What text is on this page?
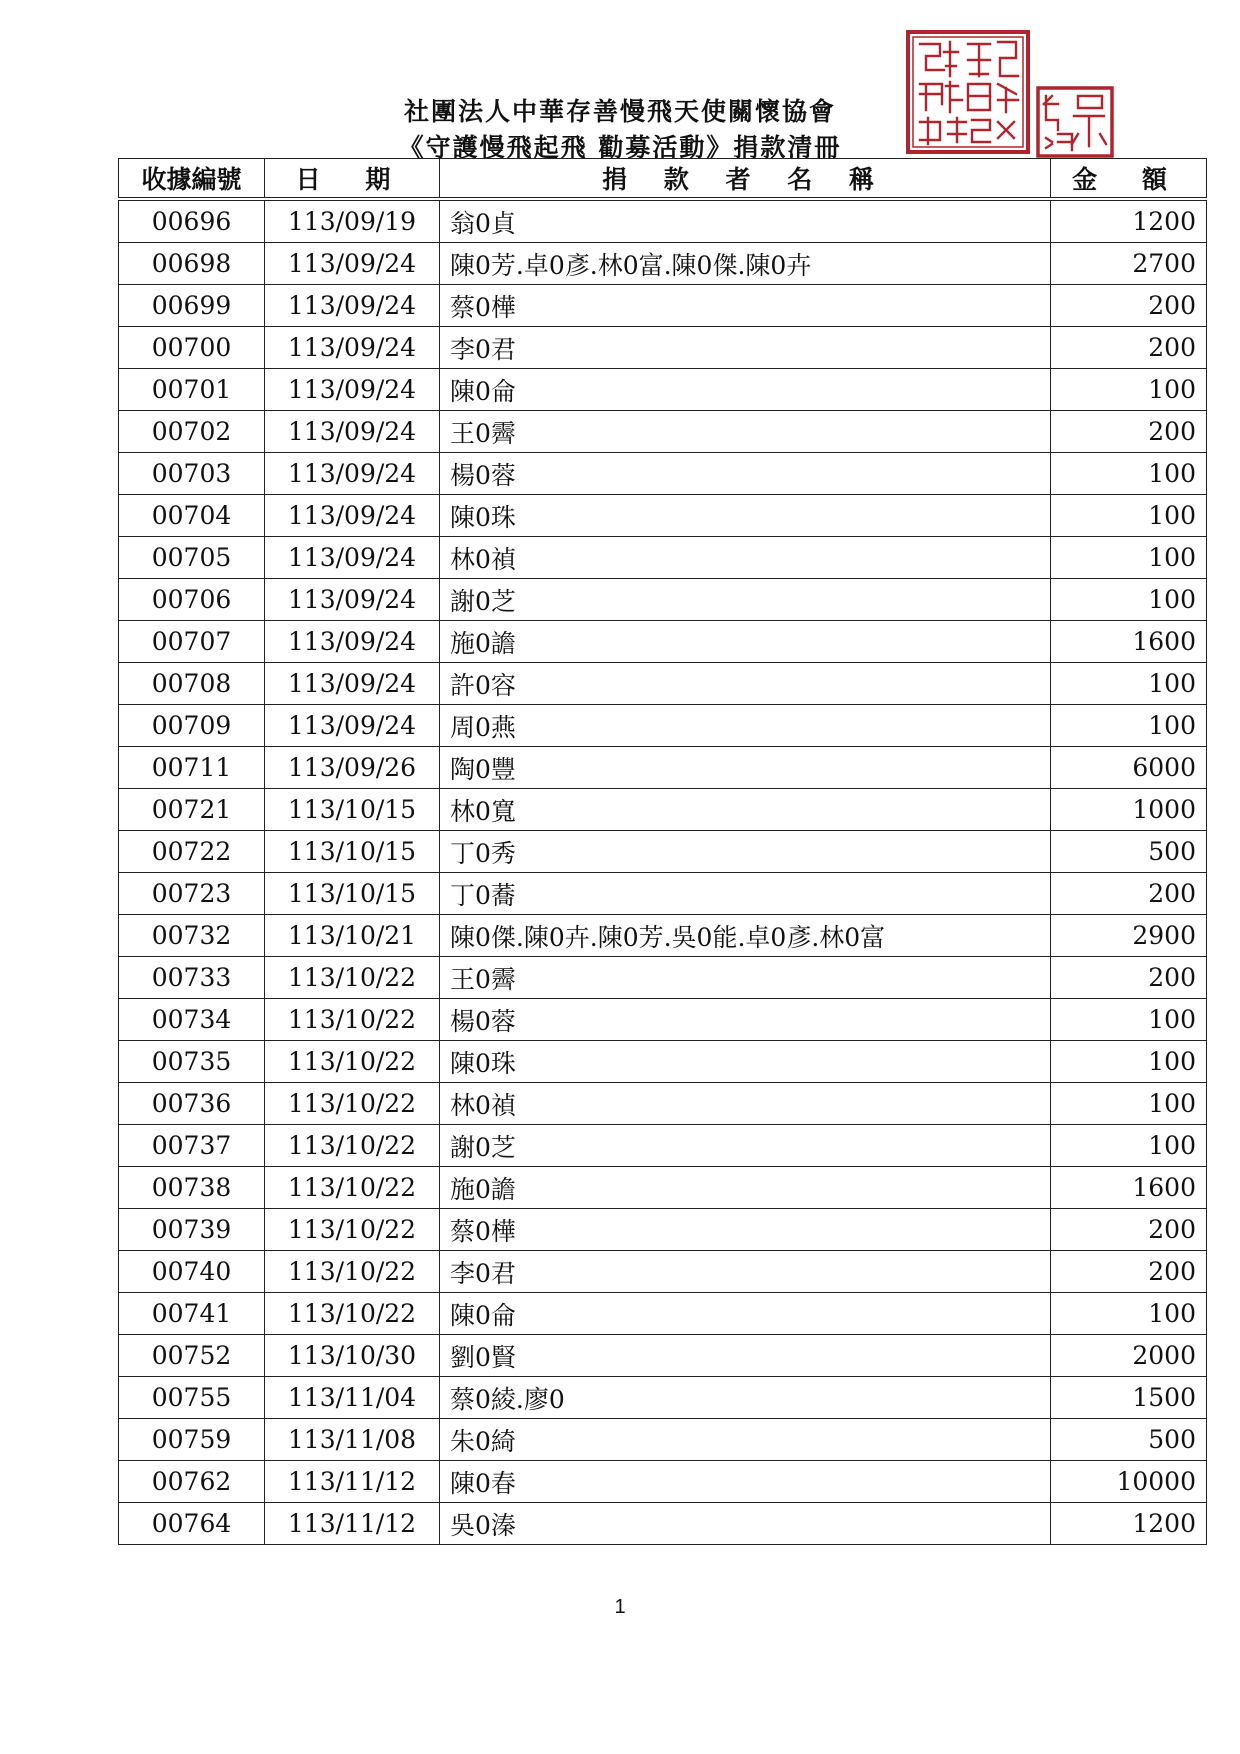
社團法人中華存善慢飛天使關懷協會
《守護慢飛起飛 勸募活動》捐款清冊
收據編號	日 期	捐 款 者 名 稱	金 額
00696	113/09/19	翁0貞	1200
00698	113/09/24	陳0芳.卓0彥.林0富.陳0傑.陳0卉	2700
00699	113/09/24	蔡0樺	200
00700	113/09/24	李0君	200
00701	113/09/24	陳0侖	100
00702	113/09/24	王0霽	200
00703	113/09/24	楊0蓉	100
00704	113/09/24	陳0珠	100
00705	113/09/24	林0禎	100
00706	113/09/24	謝0芝	100
00707	113/09/24	施0譫	1600
00708	113/09/24	許0容	100
00709	113/09/24	周0燕	100
00711	113/09/26	陶0豐	6000
00721	113/10/15	林0寬	1000
00722	113/10/15	丁0秀	500
00723	113/10/15	丁0蕎	200
00732	113/10/21	陳0傑.陳0卉.陳0芳.吳0能.卓0彥.林0富	2900
00733	113/10/22	王0霽	200
00734	113/10/22	楊0蓉	100
00735	113/10/22	陳0珠	100
00736	113/10/22	林0禎	100
00737	113/10/22	謝0芝	100
00738	113/10/22	施0譫	1600
00739	113/10/22	蔡0樺	200
00740	113/10/22	李0君	200
00741	113/10/22	陳0侖	100
00752	113/10/30	劉0賢	2000
00755	113/11/04	蔡0綾.廖0	1500
00759	113/11/08	朱0綺	500
00762	113/11/12	陳0春	10000
00764	113/11/12	吳0溱	1200
1
